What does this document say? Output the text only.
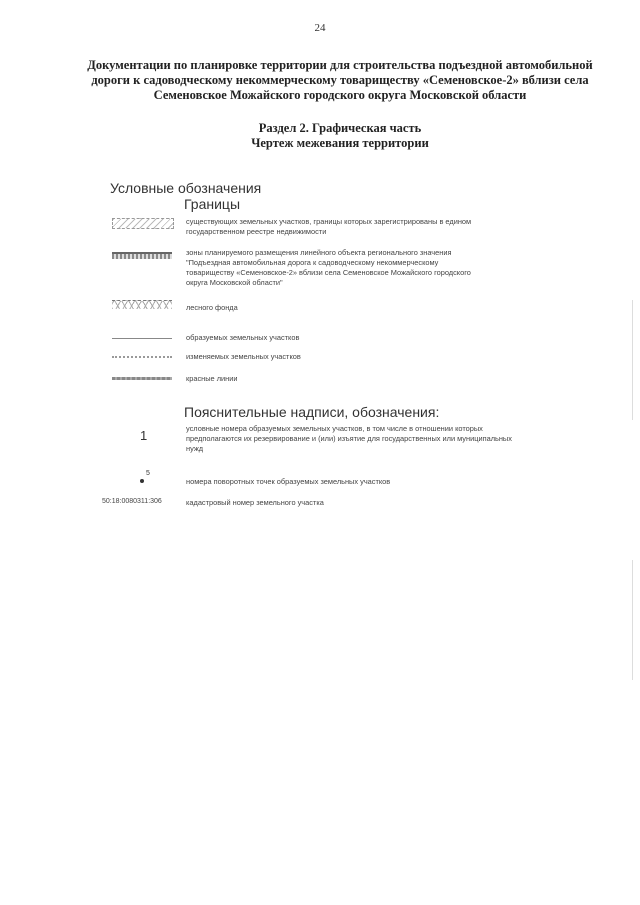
24
Документации по планировке территории для строительства подъездной автомобильной
дороги к садоводческому некоммерческому товариществу «Семеновское-2» вблизи села
Семеновское Можайского городского округа Московской области
Раздел 2. Графическая часть
Чертеж межевания территории
Условные обозначения
Границы
существующих земельных участков, границы которых зарегистрированы в едином
государственном реестре недвижимости
зоны планируемого размещения линейного объекта регионального значения
"Подъездная автомобильная дорога к садоводческому некоммерческому
товариществу «Семеновское-2» вблизи села Семеновское Можайского городского
округа Московской области"
лесного фонда
образуемых земельных участков
изменяемых земельных участков
красные линии
Пояснительные надписи, обозначения:
1	условные номера образуемых земельных участков, в том числе в отношении которых
предполагаются их резервирование и (или) изъятие для государственных или муниципальных
нужд
5
номера поворотных точек образуемых земельных участков
50:18:0080311:306	кадастровый номер земельного участка
